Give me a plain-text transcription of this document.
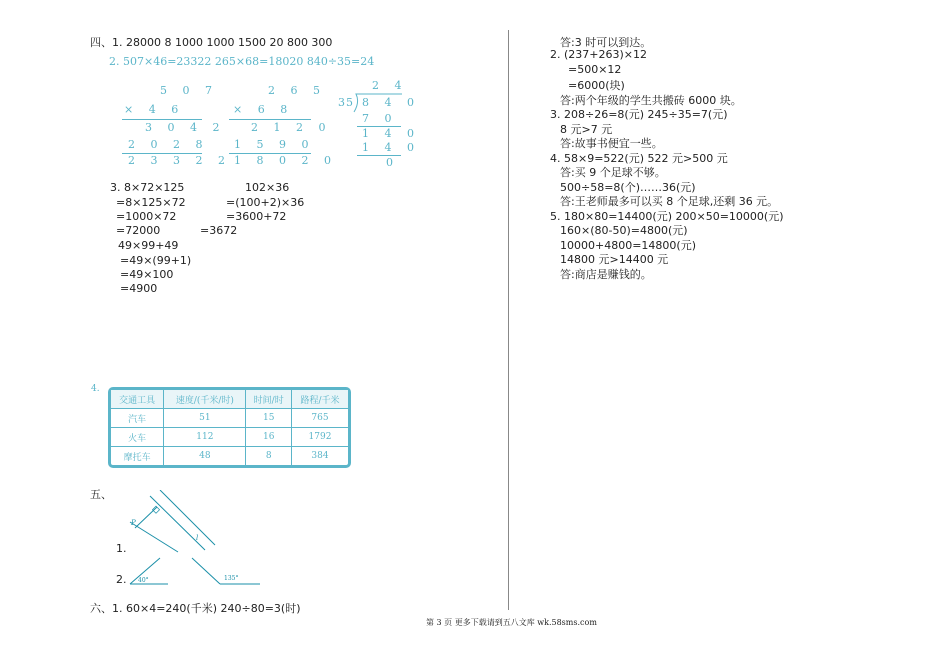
四、1. 28000 8 1000 1000 1500 20 800 300
2. 507×46=23322 265×68=18020 840÷35=24
5 0 7
× 4 6
3 0 4 2
2 0 2 8
2 3 3 2 2
2 6 5
× 6 8
2 1 2 0
1 5 9 0
1 8 0 2 0
2 4
35 8 4 0
7 0
1 4 0
1 4 0
0
3. 8×72×125
=8×125×72
=1000×72
=72000
102×36
=(100+2)×36
=3600+72
=3672
49×99+49
=49×(99+1)
=49×100
=4900
4.
交通工具	速度/(千米/时)	时间/时	路程/千米
汽车	51	15	765
火车	112	16	1792
摩托车	48	8	384
五、
1.
2.
P
l
40°	135°
六、1. 60×4=240(千米) 240÷80=3(时)
答:3 时可以到达。
2. (237+263)×12
=500×12
=6000(块)
答:两个年级的学生共搬砖 6000 块。
3. 208÷26=8(元) 245÷35=7(元)
8 元>7 元
答:故事书便宜一些。
4. 58×9=522(元) 522 元>500 元
答:买 9 个足球不够。
500÷58=8(个)……36(元)
答:王老师最多可以买 8 个足球,还剩 36 元。
5. 180×80=14400(元) 200×50=10000(元)
160×(80-50)=4800(元)
10000+4800=14800(元)
14800 元>14400 元
答:商店是赚钱的。
第 3 页 更多下载请到五八文库 wk.58sms.com
